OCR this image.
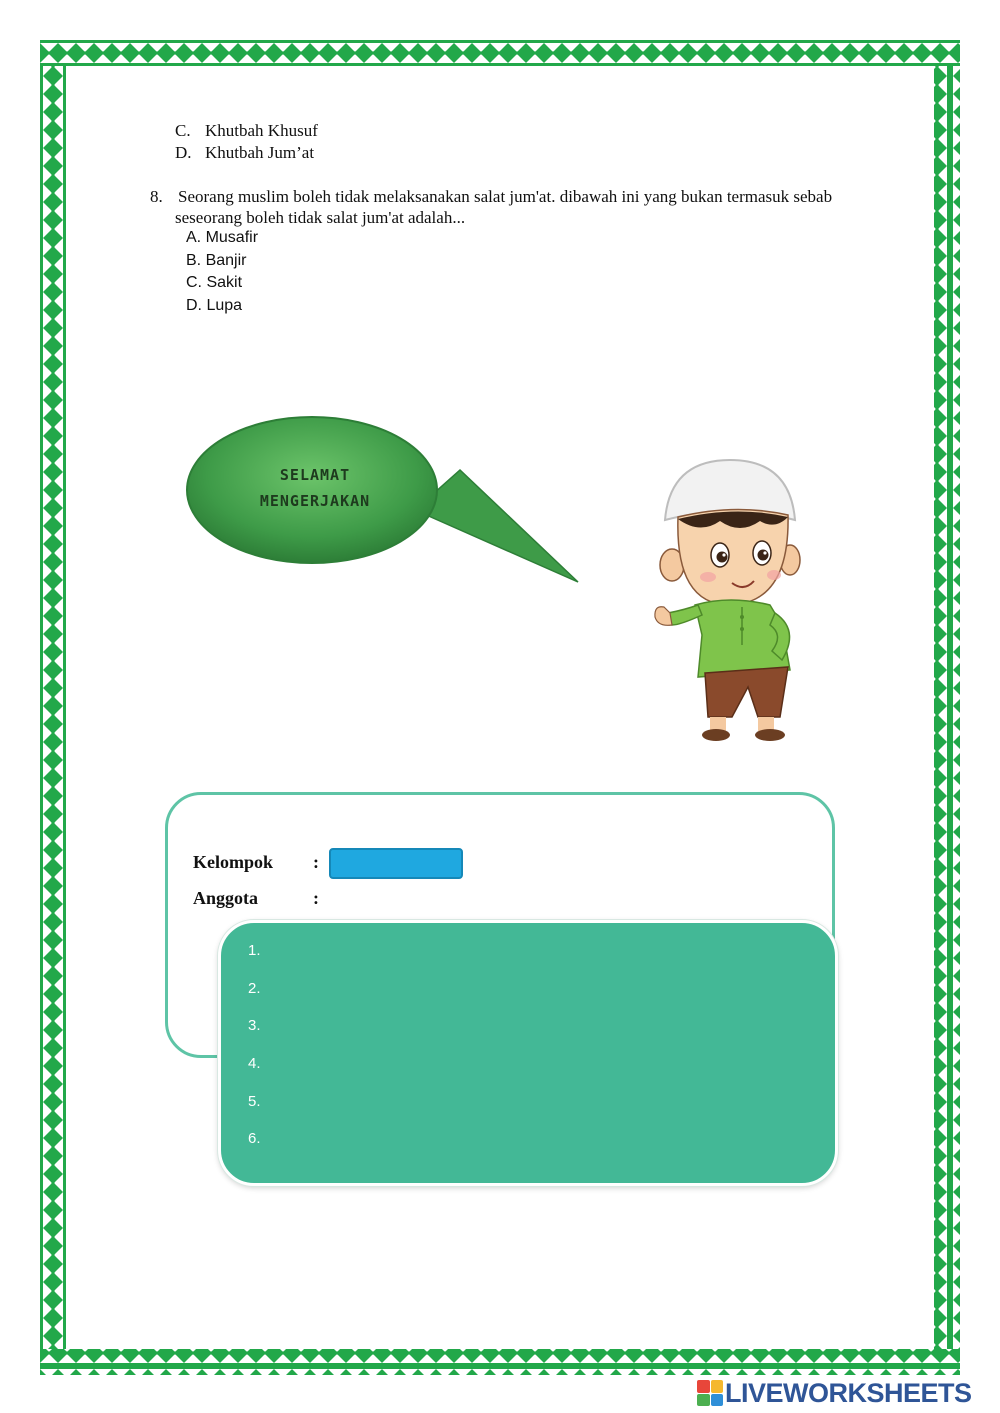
C. Khutbah Khusuf
D. Khutbah Jum’at
8. Seorang muslim boleh tidak melaksanakan salat jum'at. dibawah ini yang bukan termasuk sebab
seseorang boleh tidak salat jum'at adalah...
A. Musafir
B. Banjir
C. Sakit
D. Lupa
SELAMAT
MENGERJAKAN
Kelompok :
Anggota	:
1.
2.
3.
4.
5.
6.
LIVEWORKSHEETS
